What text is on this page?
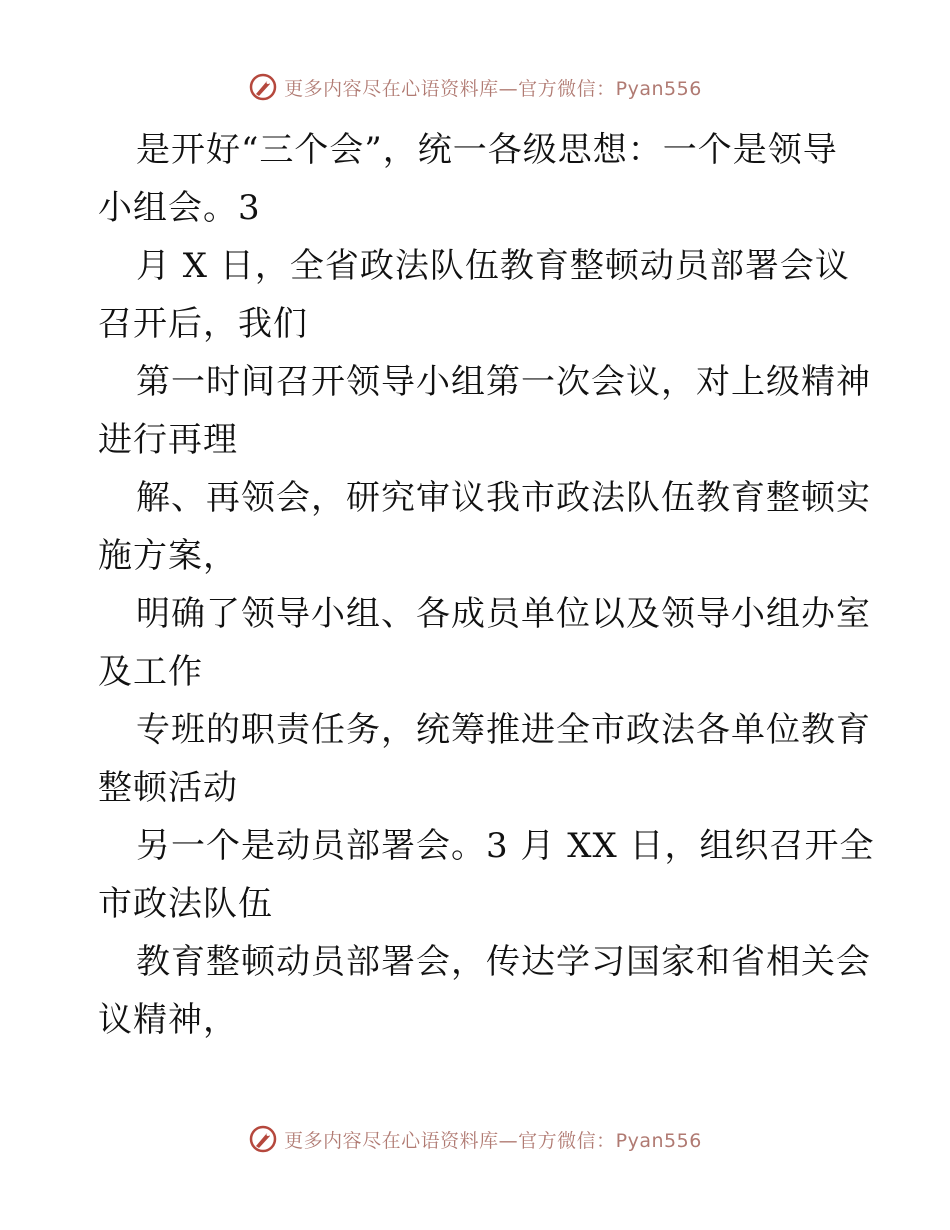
更多内容尽在心语资料库—官方微信：Pyan556
是开好“三个会”，统一各级思想：一个是领导
小组会。3
月 X 日，全省政法队伍教育整顿动员部署会议
召开后，我们
第一时间召开领导小组第一次会议，对上级精神
进行再理
解、再领会，研究审议我市政法队伍教育整顿实
施方案，
明确了领导小组、各成员单位以及领导小组办室
及工作
专班的职责任务，统筹推进全市政法各单位教育
整顿活动
另一个是动员部署会。3 月 XX 日，组织召开全
市政法队伍
教育整顿动员部署会，传达学习国家和省相关会
议精神，
更多内容尽在心语资料库—官方微信：Pyan556
